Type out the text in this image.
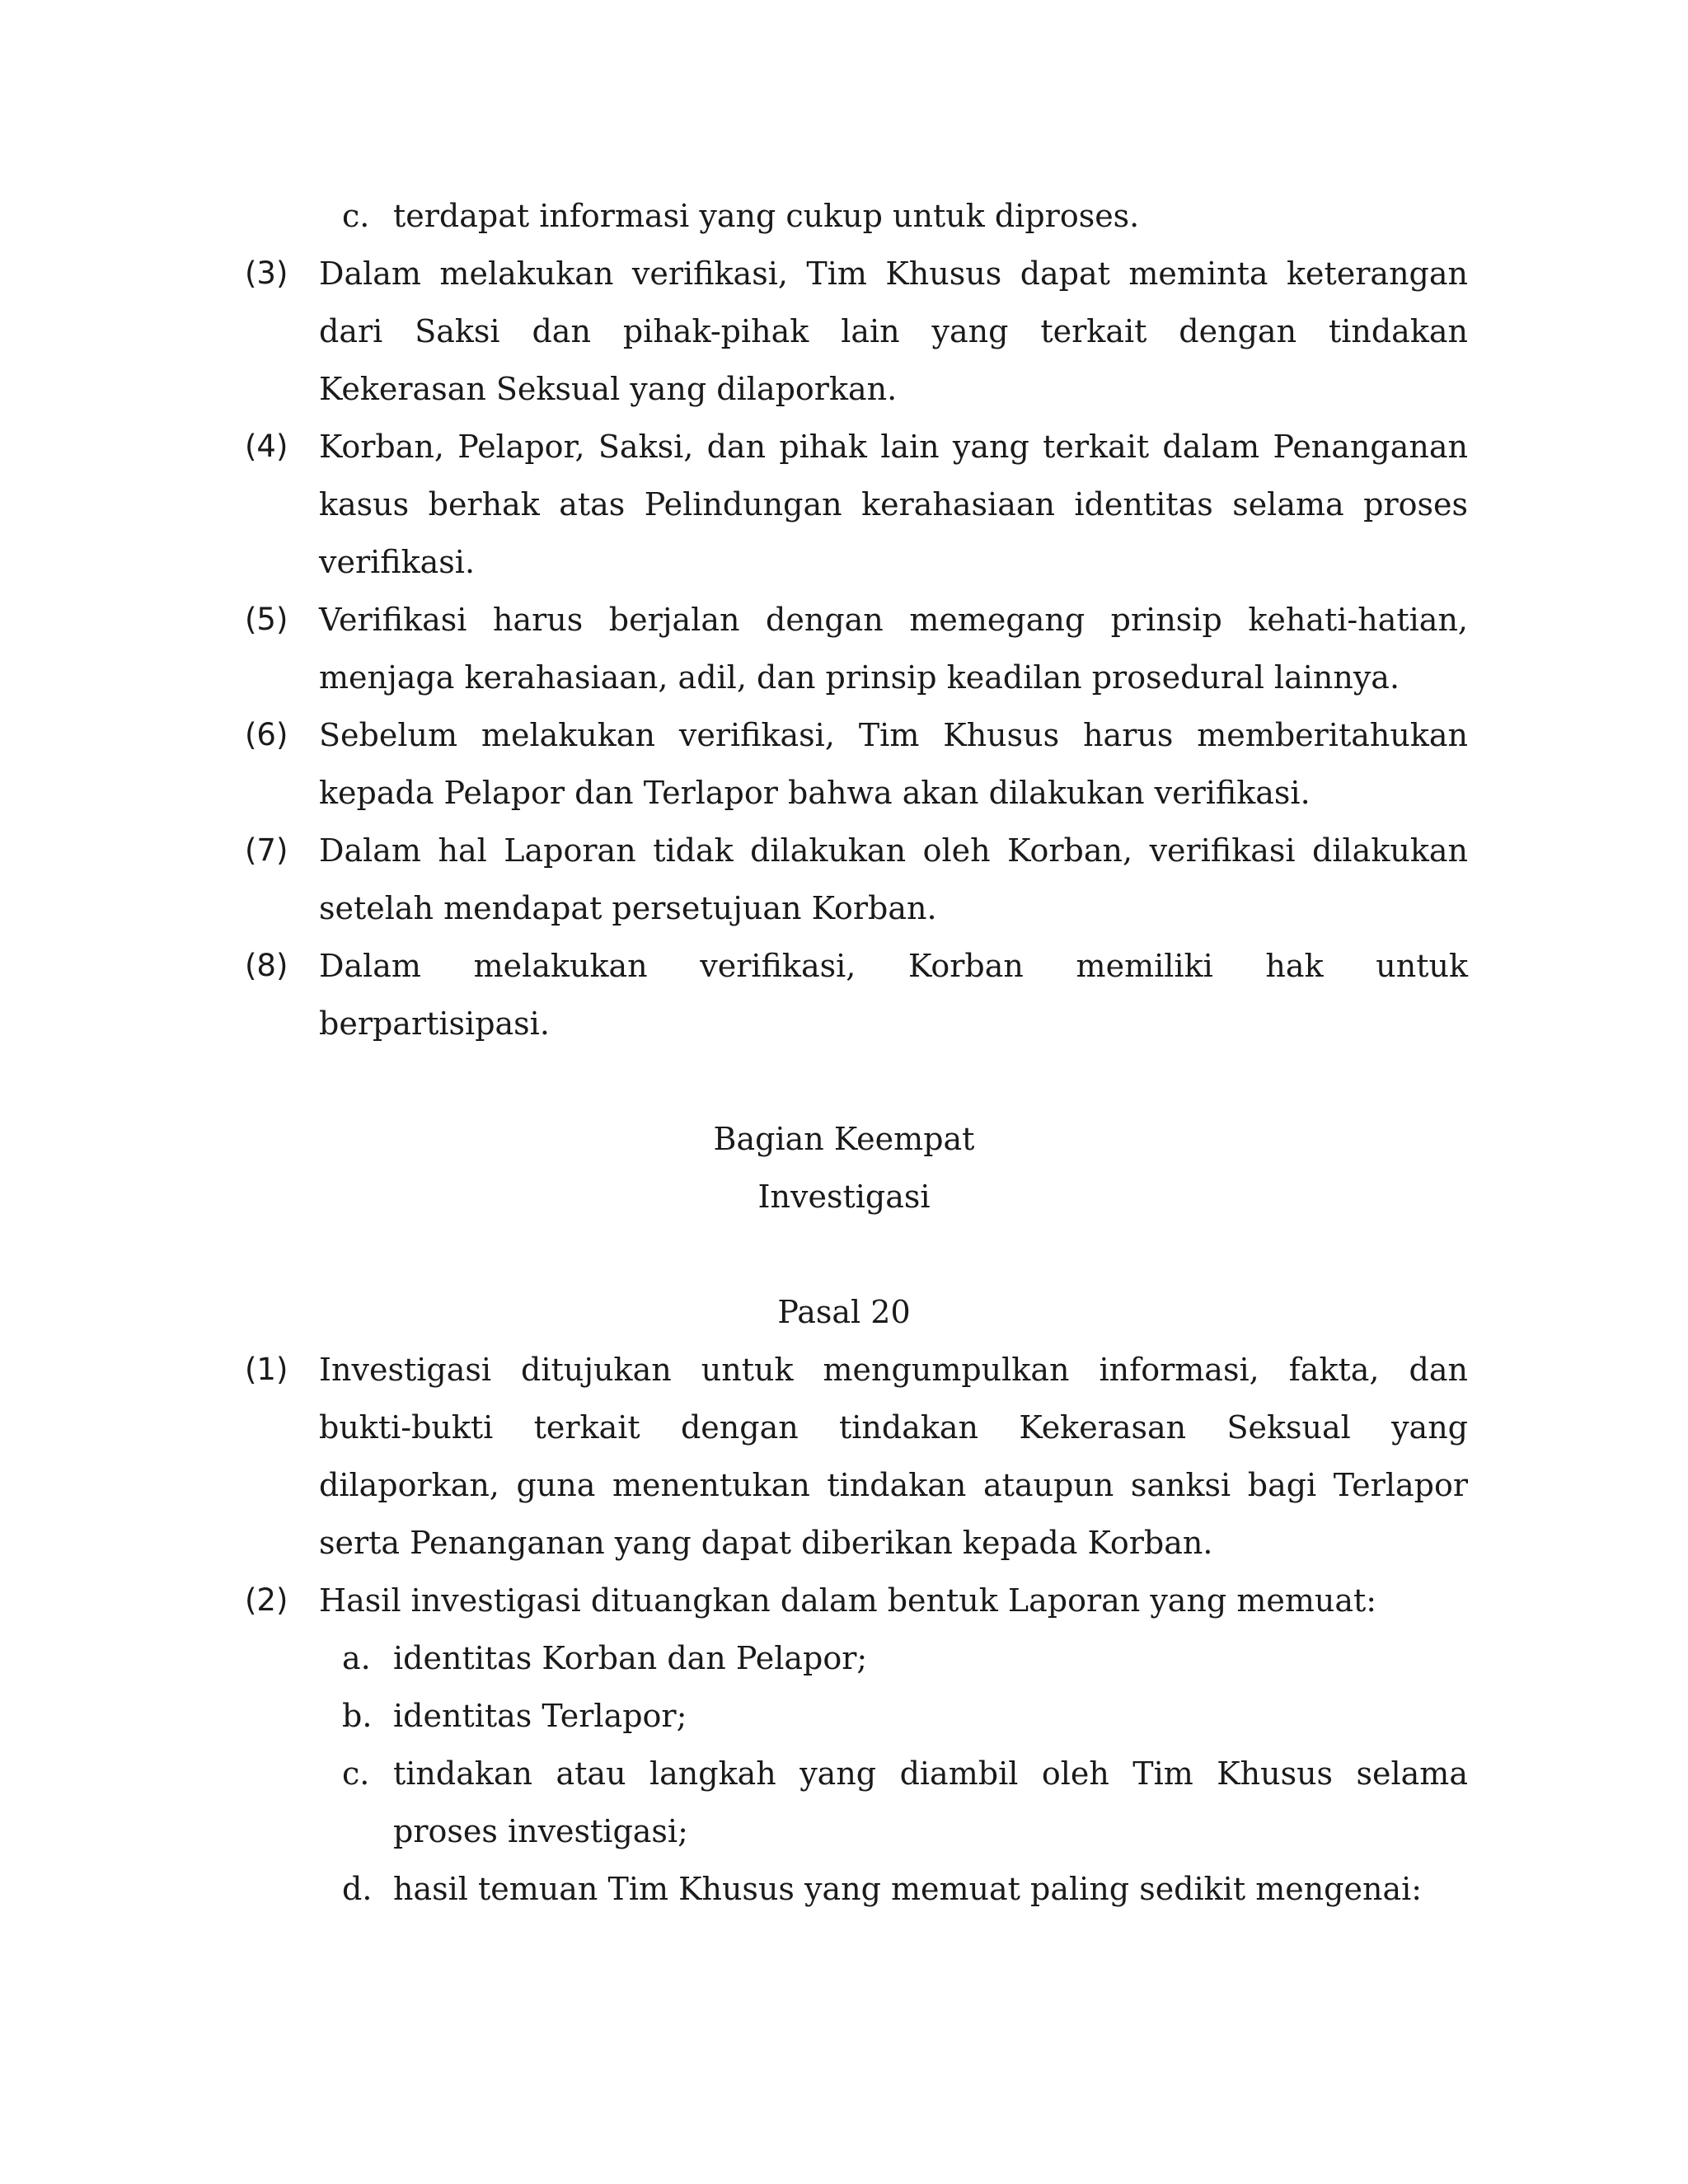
c. terdapat informasi yang cukup untuk diproses.
(3) Dalam melakukan verifikasi, Tim Khusus dapat meminta keterangan
dari Saksi dan pihak-pihak lain yang terkait dengan tindakan
Kekerasan Seksual yang dilaporkan.
(4) Korban, Pelapor, Saksi, dan pihak lain yang terkait dalam Penanganan
kasus berhak atas Pelindungan kerahasiaan identitas selama proses
verifikasi.
(5) Verifikasi harus berjalan dengan memegang prinsip kehati-hatian,
menjaga kerahasiaan, adil, dan prinsip keadilan prosedural lainnya.
(6) Sebelum melakukan verifikasi, Tim Khusus harus memberitahukan
kepada Pelapor dan Terlapor bahwa akan dilakukan verifikasi.
(7) Dalam hal Laporan tidak dilakukan oleh Korban, verifikasi dilakukan
setelah mendapat persetujuan Korban.
(8) Dalam melakukan verifikasi, Korban memiliki hak untuk
berpartisipasi.
Bagian Keempat
Investigasi
Pasal 20
(1) Investigasi ditujukan untuk mengumpulkan informasi, fakta, dan
bukti-bukti terkait dengan tindakan Kekerasan Seksual yang
dilaporkan, guna menentukan tindakan ataupun sanksi bagi Terlapor
serta Penanganan yang dapat diberikan kepada Korban.
(2) Hasil investigasi dituangkan dalam bentuk Laporan yang memuat:
a. identitas Korban dan Pelapor;
b. identitas Terlapor;
c. tindakan atau langkah yang diambil oleh Tim Khusus selama
proses investigasi;
d. hasil temuan Tim Khusus yang memuat paling sedikit mengenai:
